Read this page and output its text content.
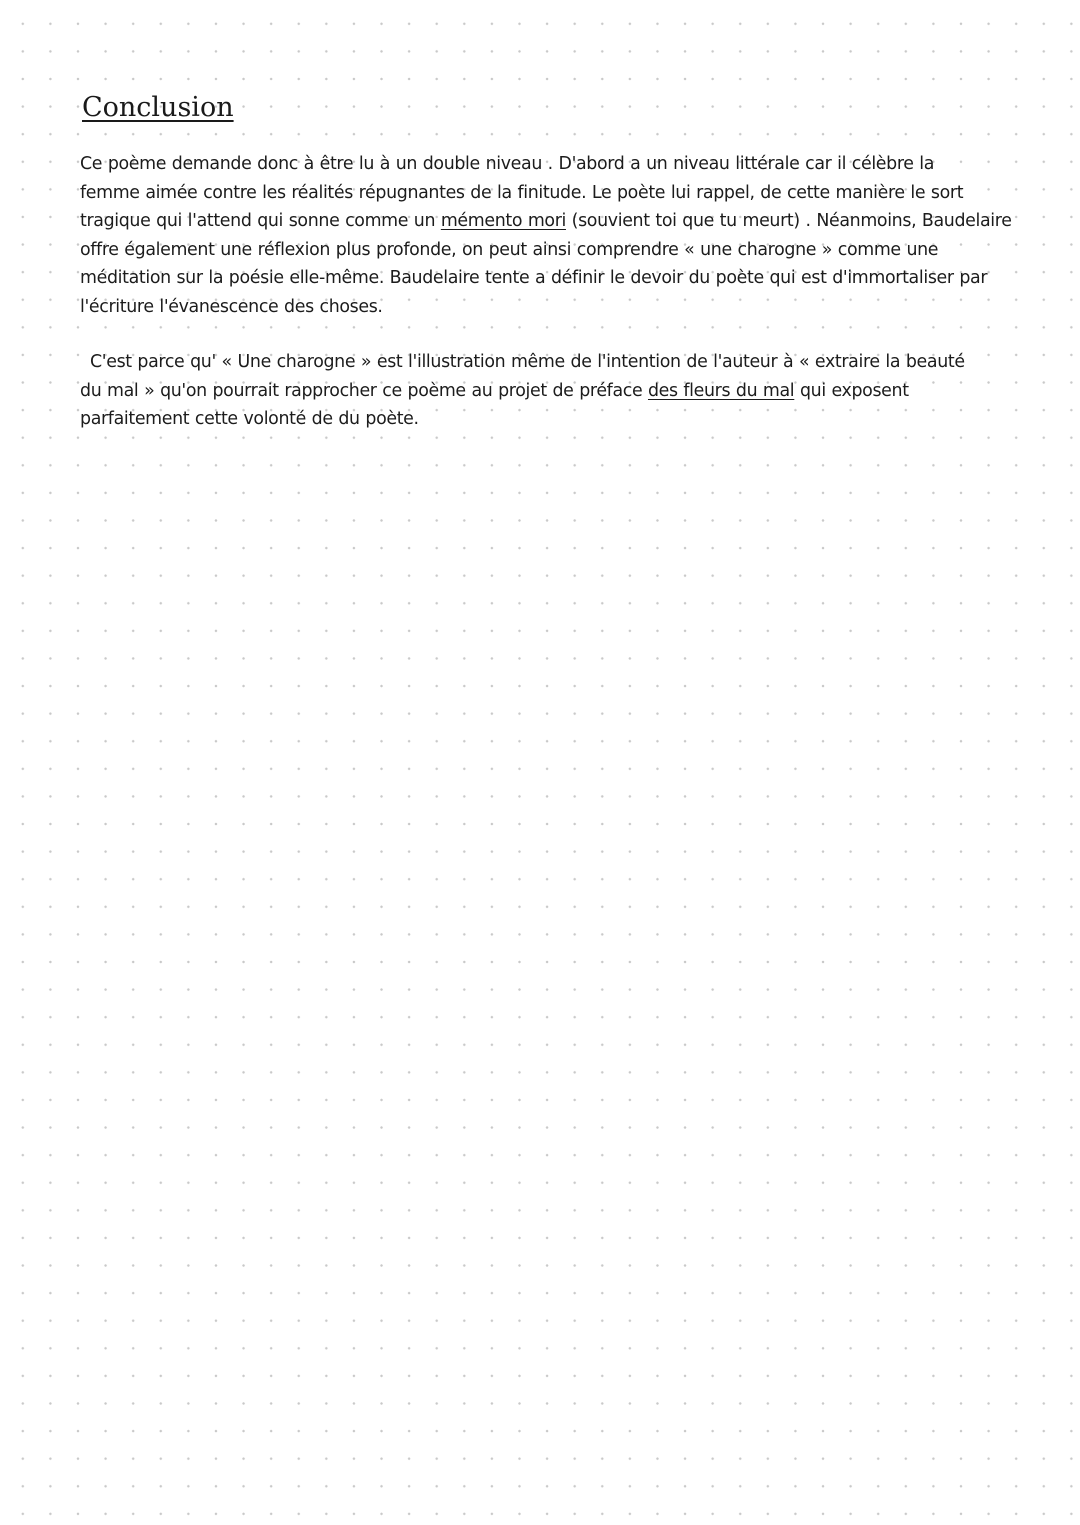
Conclusion

Ce poème demande donc à être lu à un double niveau . D'abord a un niveau littérale car il célèbre la
femme aimée contre les réalités répugnantes de la finitude. Le poète lui rappel, de cette manière le sort
tragique qui l'attend qui sonne comme un mémento mori (souvient toi que tu meurt) . Néanmoins, Baudelaire
offre également une réflexion plus profonde, on peut ainsi comprendre « une charogne » comme une
méditation sur la poésie elle-même. Baudelaire tente a définir le devoir du poète qui est d'immortaliser par
l'écriture l'évanescence des choses.

C'est parce qu' « Une charogne » est l'illustration même de l'intention de l'auteur à « extraire la beauté
du mal » qu'on pourrait rapprocher ce poème au projet de préface des fleurs du mal qui exposent
parfaitement cette volonté de du poète.
